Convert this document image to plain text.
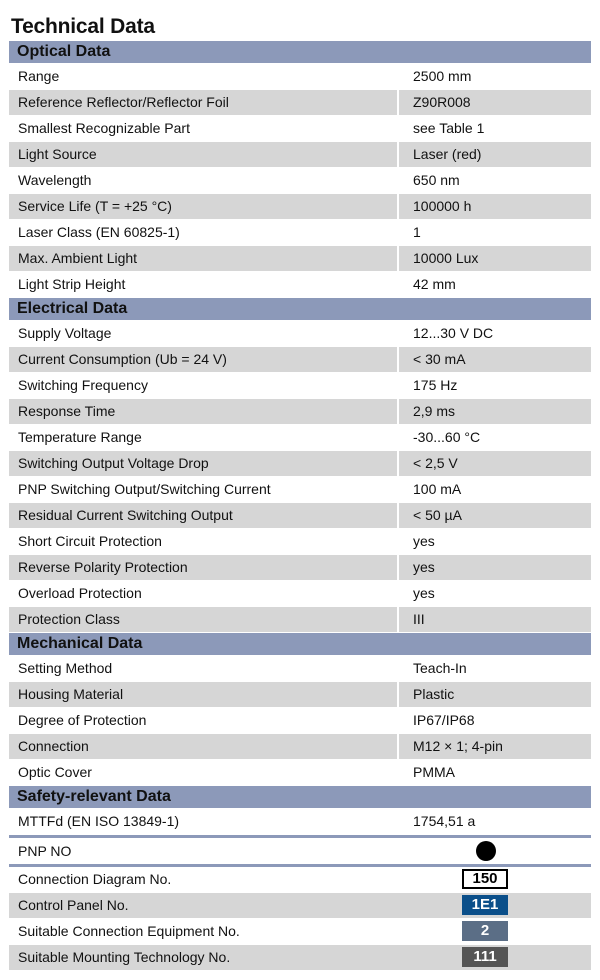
Technical Data
Optical Data
Range	2500 mm
Reference Reflector/Reflector Foil	Z90R008
Smallest Recognizable Part	see Table 1
Light Source	Laser (red)
Wavelength	650 nm
Service Life (T = +25 °C)	100000 h
Laser Class (EN 60825-1)	1
Max. Ambient Light	10000 Lux
Light Strip Height	42 mm
Electrical Data
Supply Voltage	12...30 V DC
Current Consumption (Ub = 24 V)	< 30 mA
Switching Frequency	175 Hz
Response Time	2,9 ms
Temperature Range	-30...60 °C
Switching Output Voltage Drop	< 2,5 V
PNP Switching Output/Switching Current	100 mA
Residual Current Switching Output	< 50 µA
Short Circuit Protection	yes
Reverse Polarity Protection	yes
Overload Protection	yes
Protection Class	III
Mechanical Data
Setting Method	Teach-In
Housing Material	Plastic
Degree of Protection	IP67/IP68
Connection	M12 × 1; 4-pin
Optic Cover	PMMA
Safety-relevant Data
MTTFd (EN ISO 13849-1)	1754,51 a
PNP NO
Connection Diagram No.	150
Control Panel No.	1E1
Suitable Connection Equipment No.	2
Suitable Mounting Technology No.	111
